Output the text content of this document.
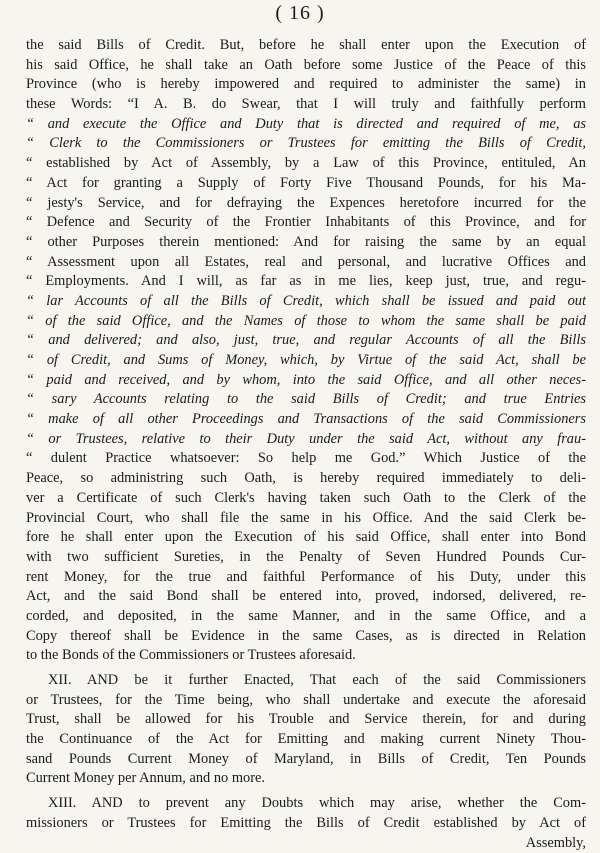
( 16 )
the said Bills of Credit. But, before he shall enter upon the Execution of
his said Office, he shall take an Oath before some Justice of the Peace of this
Province (who is hereby impowered and required to administer the same) in
these Words: “I A. B. do Swear, that I will truly and faithfully perform
“ and execute the Office and Duty that is directed and required of me, as
“ Clerk to the Commissioners or Trustees for emitting the Bills of Credit,
“ established by Act of Assembly, by a Law of this Province, entituled, An
“ Act for granting a Supply of Forty Five Thousand Pounds, for his Ma-
“ jesty's Service, and for defraying the Expences heretofore incurred for the
“ Defence and Security of the Frontier Inhabitants of this Province, and for
“ other Purposes therein mentioned: And for raising the same by an equal
“ Assessment upon all Estates, real and personal, and lucrative Offices and
“ Employments. And I will, as far as in me lies, keep just, true, and regu-
“ lar Accounts of all the Bills of Credit, which shall be issued and paid out
“ of the said Office, and the Names of those to whom the same shall be paid
“ and delivered; and also, just, true, and regular Accounts of all the Bills
“ of Credit, and Sums of Money, which, by Virtue of the said Act, shall be
“ paid and received, and by whom, into the said Office, and all other neces-
“ sary Accounts relating to the said Bills of Credit; and true Entries
“ make of all other Proceedings and Transactions of the said Commissioners
“ or Trustees, relative to their Duty under the said Act, without any frau-
“ dulent Practice whatsoever: So help me God.” Which Justice of the
Peace, so administring such Oath, is hereby required immediately to deli-
ver a Certificate of such Clerk's having taken such Oath to the Clerk of the
Provincial Court, who shall file the same in his Office. And the said Clerk be-
fore he shall enter upon the Execution of his said Office, shall enter into Bond
with two sufficient Sureties, in the Penalty of Seven Hundred Pounds Cur-
rent Money, for the true and faithful Performance of his Duty, under this
Act, and the said Bond shall be entered into, proved, indorsed, delivered, re-
corded, and deposited, in the same Manner, and in the same Office, and a
Copy thereof shall be Evidence in the same Cases, as is directed in Relation
to the Bonds of the Commissioners or Trustees aforesaid.
XII. AND be it further Enacted, That each of the said Commissioners
or Trustees, for the Time being, who shall undertake and execute the aforesaid
Trust, shall be allowed for his Trouble and Service therein, for and during
the Continuance of the Act for Emitting and making current Ninety Thou-
sand Pounds Current Money of Maryland, in Bills of Credit, Ten Pounds
Current Money per Annum, and no more.
XIII. AND to prevent any Doubts which may arise, whether the Com-
missioners or Trustees for Emitting the Bills of Credit established by Act of
Assembly,
